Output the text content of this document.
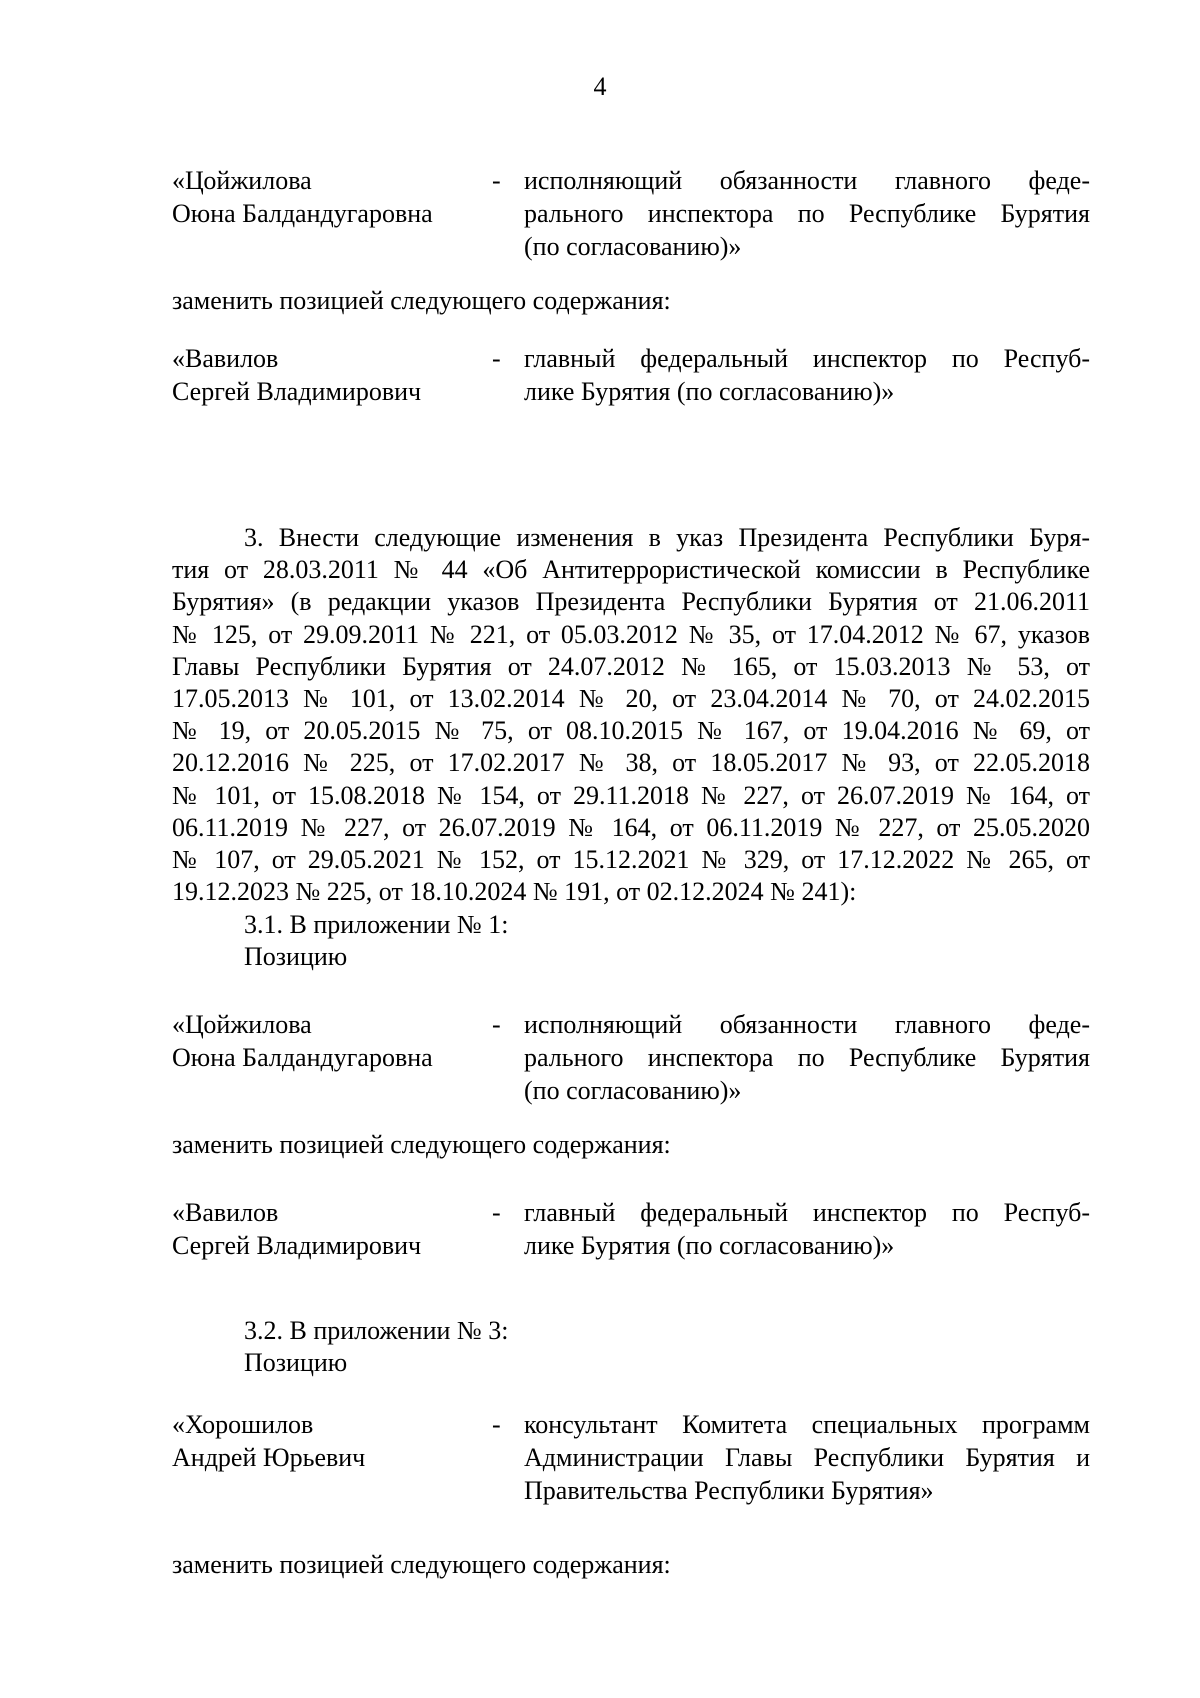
4
«Цойжилова
Оюна Балдандугаровна
- исполняющий обязанности главного феде-
рального инспектора по Республике Бурятия
(по согласованию)»
заменить позицией следующего содержания:
«Вавилов
Сергей Владимирович
- главный федеральный инспектор по Респуб-
лике Бурятия (по согласованию)»
3. Внести следующие изменения в указ Президента Республики Буря-
тия от 28.03.2011 № 44 «Об Антитеррористической комиссии в Республике
Бурятия» (в редакции указов Президента Республики Бурятия от 21.06.2011
№ 125, от 29.09.2011 № 221, от 05.03.2012 № 35, от 17.04.2012 № 67, указов
Главы Республики Бурятия от 24.07.2012 № 165, от 15.03.2013 № 53, от
17.05.2013 № 101, от 13.02.2014 № 20, от 23.04.2014 № 70, от 24.02.2015
№ 19, от 20.05.2015 № 75, от 08.10.2015 № 167, от 19.04.2016 № 69, от
20.12.2016 № 225, от 17.02.2017 № 38, от 18.05.2017 № 93, от 22.05.2018
№ 101, от 15.08.2018 № 154, от 29.11.2018 № 227, от 26.07.2019 № 164, от
06.11.2019 № 227, от 26.07.2019 № 164, от 06.11.2019 № 227, от 25.05.2020
№ 107, от 29.05.2021 № 152, от 15.12.2021 № 329, от 17.12.2022 № 265, от
19.12.2023 № 225, от 18.10.2024 № 191, от 02.12.2024 № 241):
3.1. В приложении № 1:
Позицию
«Цойжилова
Оюна Балдандугаровна
- исполняющий обязанности главного феде-
рального инспектора по Республике Бурятия
(по согласованию)»
заменить позицией следующего содержания:
«Вавилов
Сергей Владимирович
- главный федеральный инспектор по Респуб-
лике Бурятия (по согласованию)»
3.2. В приложении № 3:
Позицию
«Хорошилов
Андрей Юрьевич
- консультант Комитета специальных программ
Администрации Главы Республики Бурятия и
Правительства Республики Бурятия»
заменить позицией следующего содержания:
